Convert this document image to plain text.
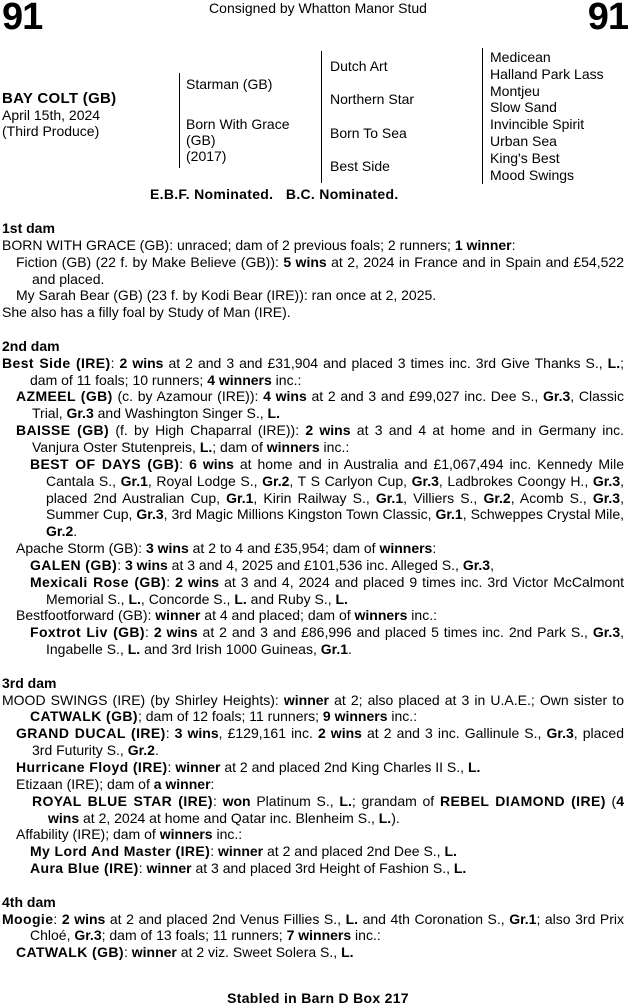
91	Consigned by Whatton Manor Stud	91
BAY COLT (GB)
April 15th, 2024
(Third Produce)
Starman (GB)
Born With Grace
(GB)
(2017)
Dutch Art
Northern Star
Born To Sea
Best Side
Medicean
Halland Park Lass
Montjeu
Slow Sand
Invincible Spirit
Urban Sea
King's Best
Mood Swings
E.B.F. Nominated.   B.C. Nominated.
1st dam
BORN WITH GRACE (GB): unraced; dam of 2 previous foals; 2 runners; 1 winner:
Fiction (GB) (22 f. by Make Believe (GB)): 5 wins at 2, 2024 in France and in Spain and £54,522 and placed.
My Sarah Bear (GB) (23 f. by Kodi Bear (IRE)): ran once at 2, 2025.
She also has a filly foal by Study of Man (IRE).
2nd dam
Best Side (IRE): 2 wins at 2 and 3 and £31,904 and placed 3 times inc. 3rd Give Thanks S., L.; dam of 11 foals; 10 runners; 4 winners inc.:
AZMEEL (GB) (c. by Azamour (IRE)): 4 wins at 2 and 3 and £99,027 inc. Dee S., Gr.3, Classic Trial, Gr.3 and Washington Singer S., L.
BAISSE (GB) (f. by High Chaparral (IRE)): 2 wins at 3 and 4 at home and in Germany inc. Vanjura Oster Stutenpreis, L.; dam of winners inc.:
BEST OF DAYS (GB): 6 wins at home and in Australia and £1,067,494 inc. Kennedy Mile Cantala S., Gr.1, Royal Lodge S., Gr.2, T S Carlyon Cup, Gr.3, Ladbrokes Coongy H., Gr.3, placed 2nd Australian Cup, Gr.1, Kirin Railway S., Gr.1, Villiers S., Gr.2, Acomb S., Gr.3, Summer Cup, Gr.3, 3rd Magic Millions Kingston Town Classic, Gr.1, Schweppes Crystal Mile, Gr.2.
Apache Storm (GB): 3 wins at 2 to 4 and £35,954; dam of winners:
GALEN (GB): 3 wins at 3 and 4, 2025 and £101,536 inc. Alleged S., Gr.3,
Mexicali Rose (GB): 2 wins at 3 and 4, 2024 and placed 9 times inc. 3rd Victor McCalmont Memorial S., L., Concorde S., L. and Ruby S., L.
Bestfootforward (GB): winner at 4 and placed; dam of winners inc.:
Foxtrot Liv (GB): 2 wins at 2 and 3 and £86,996 and placed 5 times inc. 2nd Park S., Gr.3, Ingabelle S., L. and 3rd Irish 1000 Guineas, Gr.1.
3rd dam
MOOD SWINGS (IRE) (by Shirley Heights): winner at 2; also placed at 3 in U.A.E.; Own sister to CATWALK (GB); dam of 12 foals; 11 runners; 9 winners inc.:
GRAND DUCAL (IRE): 3 wins, £129,161 inc. 2 wins at 2 and 3 inc. Gallinule S., Gr.3, placed 3rd Futurity S., Gr.2.
Hurricane Floyd (IRE): winner at 2 and placed 2nd King Charles II S., L.
Etizaan (IRE); dam of a winner:
ROYAL BLUE STAR (IRE): won Platinum S., L.; grandam of REBEL DIAMOND (IRE) (4 wins at 2, 2024 at home and Qatar inc. Blenheim S., L.).
Affability (IRE); dam of winners inc.:
My Lord And Master (IRE): winner at 2 and placed 2nd Dee S., L.
Aura Blue (IRE): winner at 3 and placed 3rd Height of Fashion S., L.
4th dam
Moogie: 2 wins at 2 and placed 2nd Venus Fillies S., L. and 4th Coronation S., Gr.1; also 3rd Prix Chloé, Gr.3; dam of 13 foals; 11 runners; 7 winners inc.:
CATWALK (GB): winner at 2 viz. Sweet Solera S., L.
Stabled in Barn D Box 217
